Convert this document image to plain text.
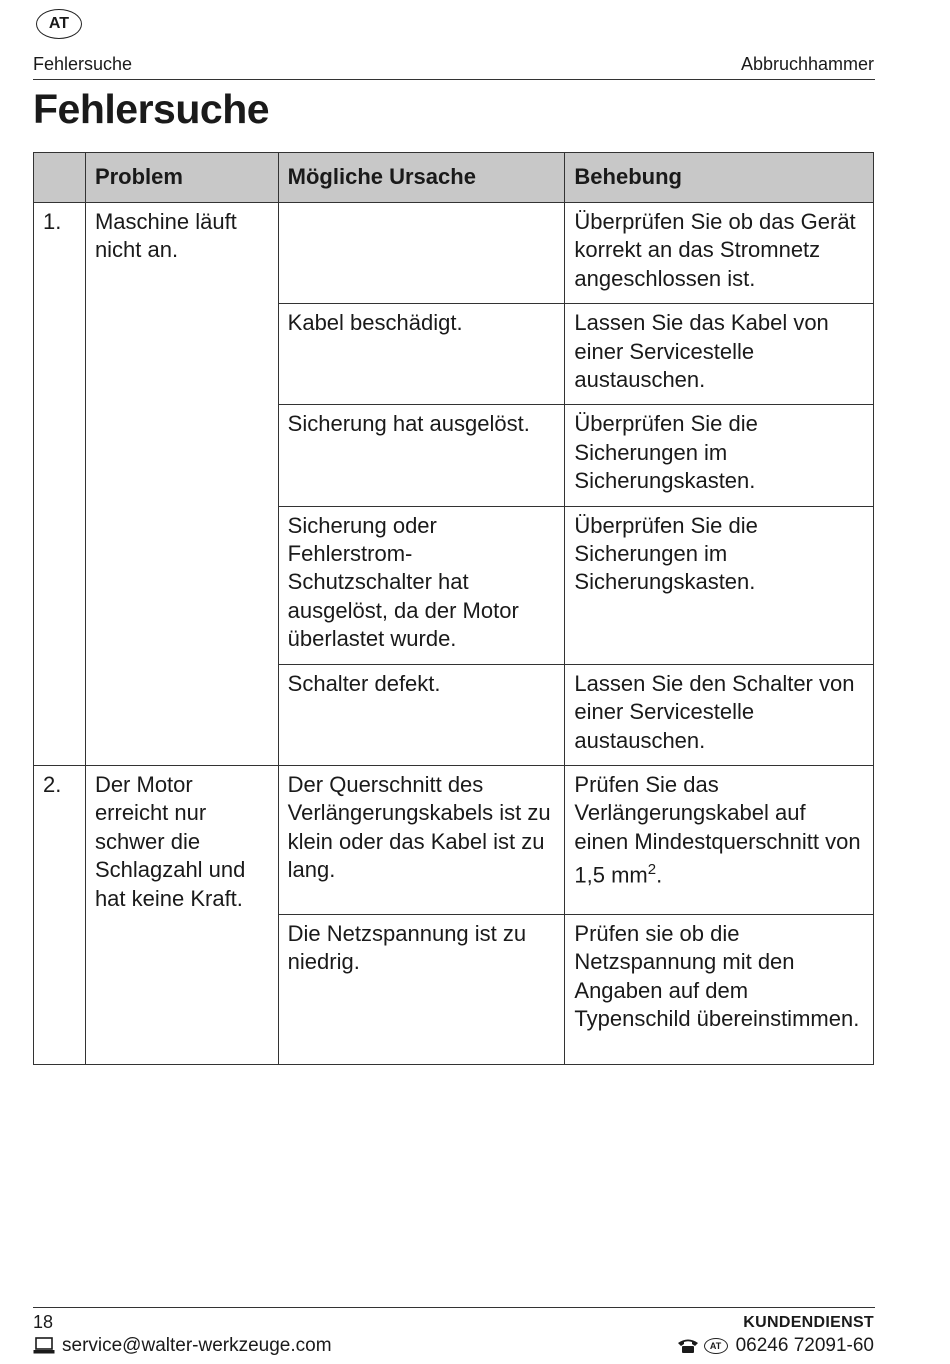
AT
Fehlersuche	Abbruchhammer
Fehlersuche
	Problem	Mögliche Ursache	Behebung
1.	Maschine läuft nicht an.		Überprüfen Sie ob das Gerät korrekt an das Stromnetz angeschlossen ist.
		Kabel beschädigt.	Lassen Sie das Kabel von einer Servicestelle austauschen.
		Sicherung hat ausgelöst.	Überprüfen Sie die Sicherungen im Sicherungskasten.
		Sicherung oder Fehlerstrom-Schutzschalter hat ausgelöst, da der Motor überlastet wurde.	Überprüfen Sie die Sicherungen im Sicherungskasten.
		Schalter defekt.	Lassen Sie den Schalter von einer Servicestelle austauschen.
2.	Der Motor erreicht nur schwer die Schlagzahl und hat keine Kraft.	Der Querschnitt des Verlängerungskabels ist zu klein oder das Kabel ist zu lang.	Prüfen Sie das Verlängerungskabel auf einen Mindestquerschnitt von 1,5 $mm^2$.
		Die Netzspannung ist zu niedrig.	Prüfen sie ob die Netzspannung mit den Angaben auf dem Typenschild übereinstimmen.
18
service@walter-werkzeuge.com
KUNDENDIENST
AT 06246 72091-60
